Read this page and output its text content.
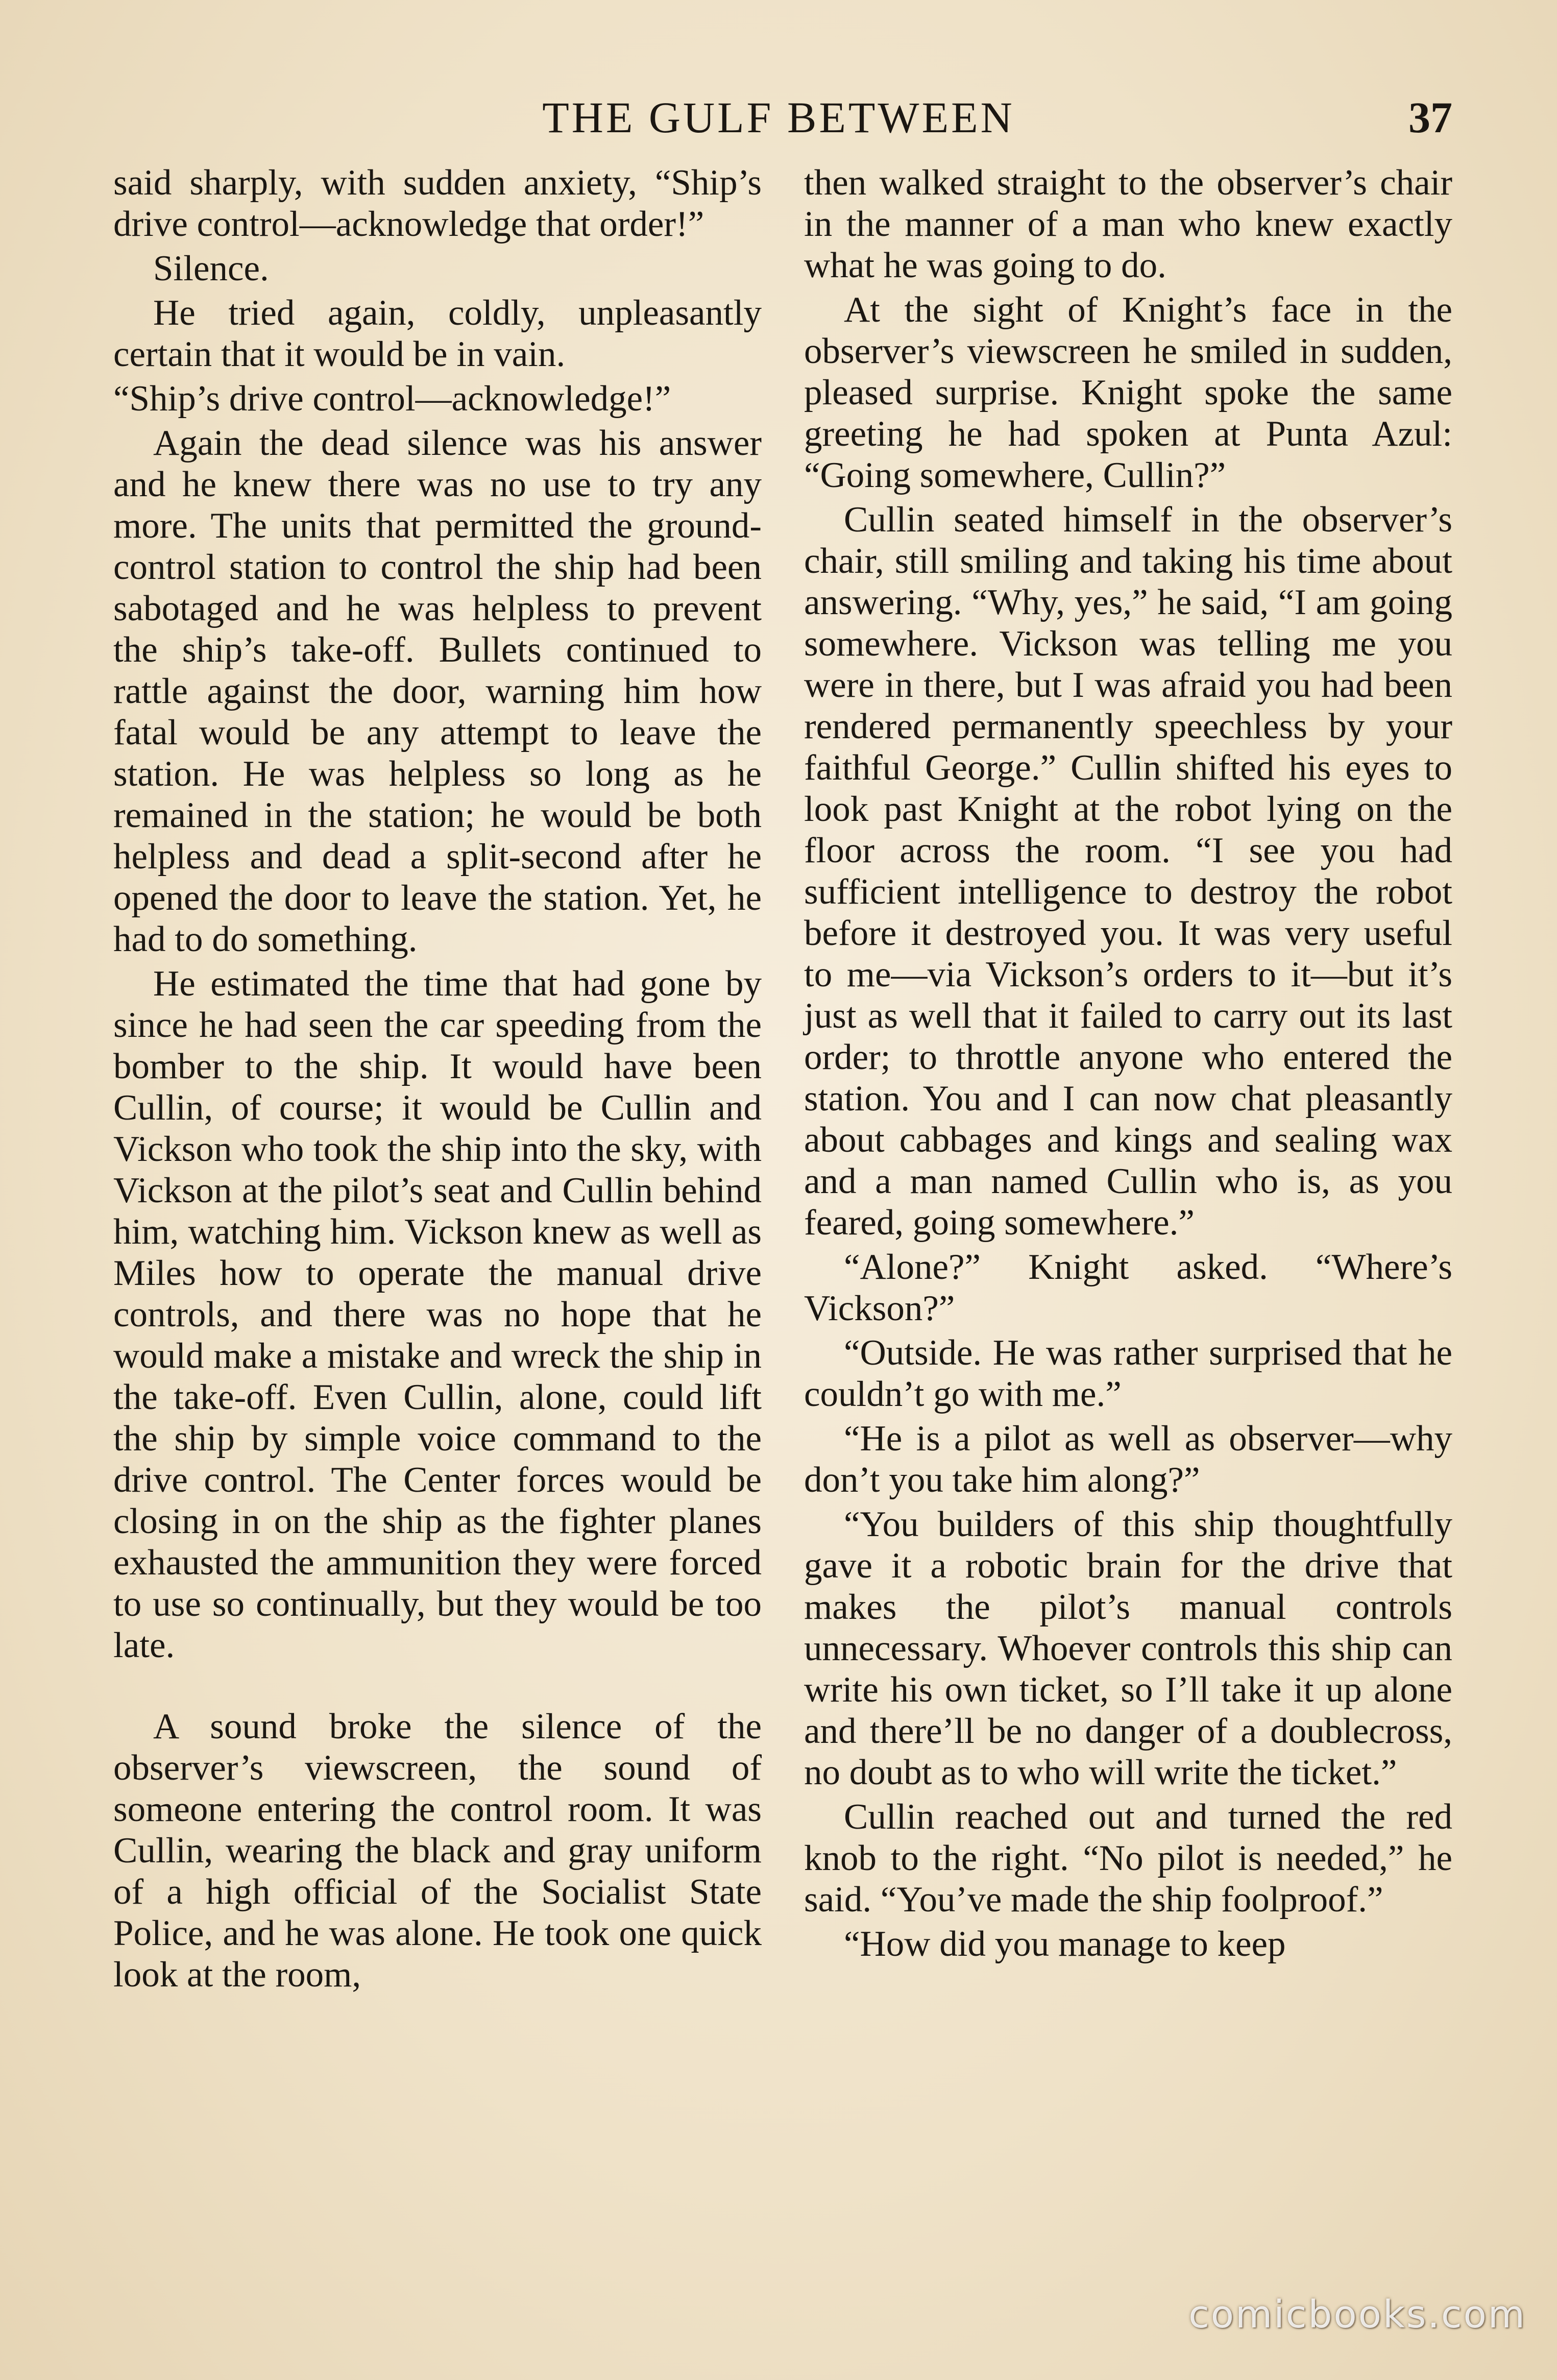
THE GULF BETWEEN	37

said sharply, with sudden anxiety, “Ship’s drive control—acknowledge that order!”

Silence.

He tried again, coldly, unpleasantly certain that it would be in vain.

“Ship’s drive control—acknowledge!”

Again the dead silence was his answer and he knew there was no use to try any more. The units that permitted the ground-control station to control the ship had been sabotaged and he was helpless to prevent the ship’s take-off. Bullets continued to rattle against the door, warning him how fatal would be any attempt to leave the station. He was helpless so long as he remained in the station; he would be both helpless and dead a split-second after he opened the door to leave the station. Yet, he had to do something.

He estimated the time that had gone by since he had seen the car speeding from the bomber to the ship. It would have been Cullin, of course; it would be Cullin and Vickson who took the ship into the sky, with Vickson at the pilot’s seat and Cullin behind him, watching him. Vickson knew as well as Miles how to operate the manual drive controls, and there was no hope that he would make a mistake and wreck the ship in the take-off. Even Cullin, alone, could lift the ship by simple voice command to the drive control. The Center forces would be closing in on the ship as the fighter planes exhausted the ammunition they were forced to use so continually, but they would be too late.

A sound broke the silence of the observer’s viewscreen, the sound of someone entering the control room. It was Cullin, wearing the black and gray uniform of a high official of the Socialist State Police, and he was alone. He took one quick look at the room,

then walked straight to the observer’s chair in the manner of a man who knew exactly what he was going to do.

At the sight of Knight’s face in the observer’s viewscreen he smiled in sudden, pleased surprise. Knight spoke the same greeting he had spoken at Punta Azul: “Going somewhere, Cullin?”

Cullin seated himself in the observer’s chair, still smiling and taking his time about answering. “Why, yes,” he said, “I am going somewhere. Vickson was telling me you were in there, but I was afraid you had been rendered permanently speechless by your faithful George.” Cullin shifted his eyes to look past Knight at the robot lying on the floor across the room. “I see you had sufficient intelligence to destroy the robot before it destroyed you. It was very useful to me—via Vickson’s orders to it—but it’s just as well that it failed to carry out its last order; to throttle anyone who entered the station. You and I can now chat pleasantly about cabbages and kings and sealing wax and a man named Cullin who is, as you feared, going somewhere.”

“Alone?” Knight asked. “Where’s Vickson?”

“Outside. He was rather surprised that he couldn’t go with me.”

“He is a pilot as well as observer—why don’t you take him along?”

“You builders of this ship thoughtfully gave it a robotic brain for the drive that makes the pilot’s manual controls unnecessary. Whoever controls this ship can write his own ticket, so I’ll take it up alone and there’ll be no danger of a doublecross, no doubt as to who will write the ticket.”

Cullin reached out and turned the red knob to the right. “No pilot is needed,” he said. “You’ve made the ship foolproof.”

“How did you manage to keep

comicbooks.com
